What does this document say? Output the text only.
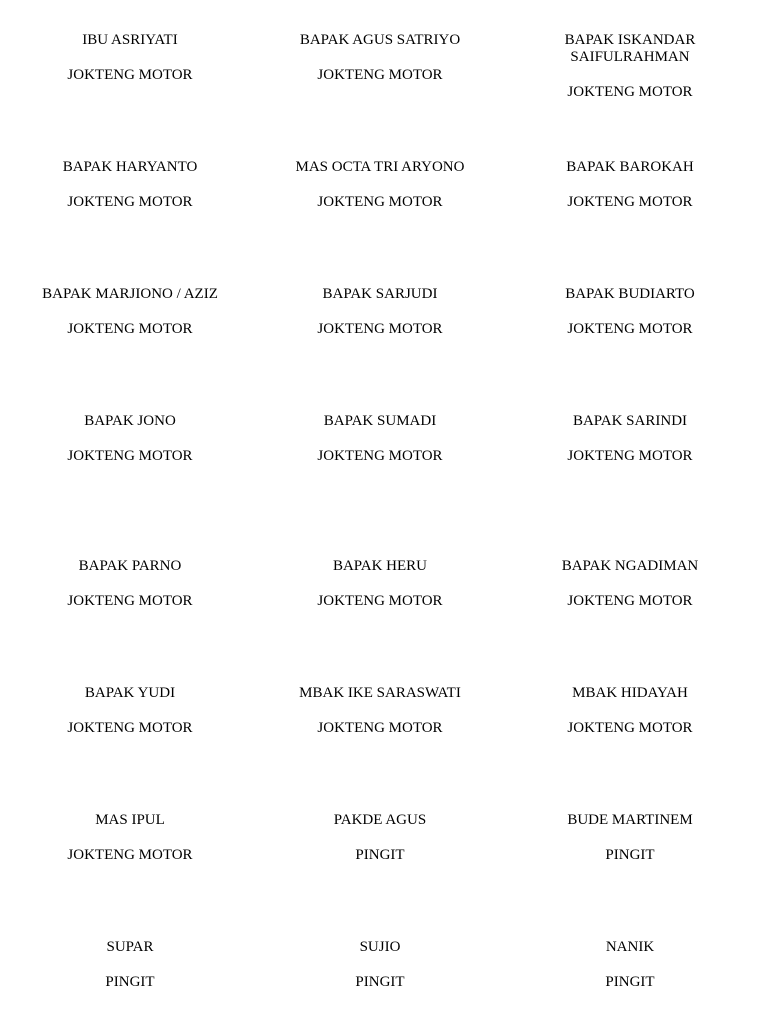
IBU ASRIYATI
JOKTENG MOTOR
BAPAK AGUS SATRIYO
JOKTENG MOTOR
BAPAK ISKANDAR SAIFULRAHMAN
JOKTENG MOTOR
BAPAK HARYANTO
JOKTENG MOTOR
MAS OCTA TRI ARYONO
JOKTENG MOTOR
BAPAK BAROKAH
JOKTENG MOTOR
BAPAK MARJIONO / AZIZ
JOKTENG MOTOR
BAPAK SARJUDI
JOKTENG MOTOR
BAPAK BUDIARTO
JOKTENG MOTOR
BAPAK JONO
JOKTENG MOTOR
BAPAK SUMADI
JOKTENG MOTOR
BAPAK SARINDI
JOKTENG MOTOR
BAPAK PARNO
JOKTENG MOTOR
BAPAK HERU
JOKTENG MOTOR
BAPAK NGADIMAN
JOKTENG MOTOR
BAPAK YUDI
JOKTENG MOTOR
MBAK IKE SARASWATI
JOKTENG MOTOR
MBAK HIDAYAH
JOKTENG MOTOR
MAS IPUL
JOKTENG MOTOR
PAKDE AGUS
PINGIT
BUDE MARTINEM
PINGIT
SUPAR
PINGIT
SUJIO
PINGIT
NANIK
PINGIT
